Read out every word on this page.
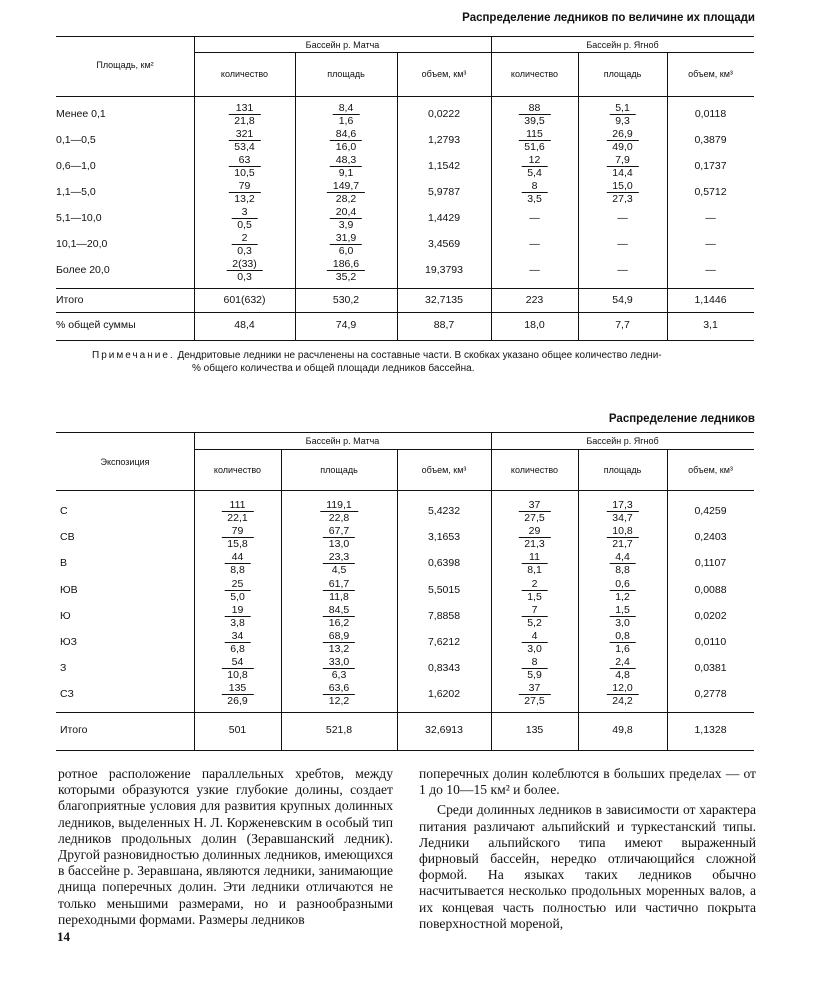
Распределение ледников по величине их площади
Площадь, км²
Бассейн р. Матча	Бассейн р. Ягноб
количество	площадь	объем, км³	количество	площадь	объем, км³
Менее 0,1	$\frac{131}{21,8}$	$\frac{8,4}{1,6}$	0,0222	$\frac{88}{39,5}$	$\frac{5,1}{9,3}$	0,0118
0,1—0,5	$\frac{321}{53,4}$	$\frac{84,6}{16,0}$	1,2793	$\frac{115}{51,6}$	$\frac{26,9}{49,0}$	0,3879
0,6—1,0	$\frac{63}{10,5}$	$\frac{48,3}{9,1}$	1,1542	$\frac{12}{5,4}$	$\frac{7,9}{14,4}$	0,1737
1,1—5,0	$\frac{79}{13,2}$	$\frac{149,7}{28,2}$	5,9787	$\frac{8}{3,5}$	$\frac{15,0}{27,3}$	0,5712
5,1—10,0	$\frac{3}{0,5}$	$\frac{20,4}{3,9}$	1,4429	—	—	—
10,1—20,0	$\frac{2}{0,3}$	$\frac{31,9}{6,0}$	3,4569	—	—	—
Более 20,0	$\frac{2(33)}{0,3}$	$\frac{186,6}{35,2}$	19,3793	—	—	—
Итого	601(632)	530,2	32,7135	223	54,9	1,1446
% общей суммы	48,4	74,9	88,7	18,0	7,7	3,1
Примечание. Дендритовые ледники не расчленены на составные части. В скобках указано общее количество ледни-
% общего количества и общей площади ледников бассейна.
Распределение ледников
Экспозиция
Бассейн р. Матча	Бассейн р. Ягноб
количество	площадь	объем, км³	количество	площадь	объем, км³
С	$\frac{111}{22,1}$	$\frac{119,1}{22,8}$	5,4232	$\frac{37}{27,5}$	$\frac{17,3}{34,7}$	0,4259
СВ	$\frac{79}{15,8}$	$\frac{67,7}{13,0}$	3,1653	$\frac{29}{21,3}$	$\frac{10,8}{21,7}$	0,2403
В	$\frac{44}{8,8}$	$\frac{23,3}{4,5}$	0,6398	$\frac{11}{8,1}$	$\frac{4,4}{8,8}$	0,1107
ЮВ	$\frac{25}{5,0}$	$\frac{61,7}{11,8}$	5,5015	$\frac{2}{1,5}$	$\frac{0,6}{1,2}$	0,0088
Ю	$\frac{19}{3,8}$	$\frac{84,5}{16,2}$	7,8858	$\frac{7}{5,2}$	$\frac{1,5}{3,0}$	0,0202
ЮЗ	$\frac{34}{6,8}$	$\frac{68,9}{13,2}$	7,6212	$\frac{4}{3,0}$	$\frac{0,8}{1,6}$	0,0110
З	$\frac{54}{10,8}$	$\frac{33,0}{6,3}$	0,8343	$\frac{8}{5,9}$	$\frac{2,4}{4,8}$	0,0381
СЗ	$\frac{135}{26,9}$	$\frac{63,6}{12,2}$	1,6202	$\frac{37}{27,5}$	$\frac{12,0}{24,2}$	0,2778
Итого	501	521,8	32,6913	135	49,8	1,1328

ротное расположение параллельных хребтов, между которыми образуются узкие глубокие долины, создает благоприятные условия для развития крупных долинных ледников, выделенных Н. Л. Корженевским в особый тип ледников продольных долин (Зеравшанский ледник). Другой разновидностью долинных ледников, имеющихся в бассейне р. Зеравшана, являются ледники, занимающие днища поперечных долин. Эти ледники отличаются не только меньшими размерами, но и разнообразными переходными формами. Размеры ледников

поперечных долин колеблются в больших пределах — от 1 до 10—15 км² и более.

Среди долинных ледников в зависимости от характера питания различают альпийский и туркестанский типы. Ледники альпийского типа имеют выраженный фирновый бассейн, нередко отличающийся сложной формой. На языках таких ледников обычно насчитывается несколько продольных моренных валов, а их концевая часть полностью или частично покрыта поверхностной мореной,

14
